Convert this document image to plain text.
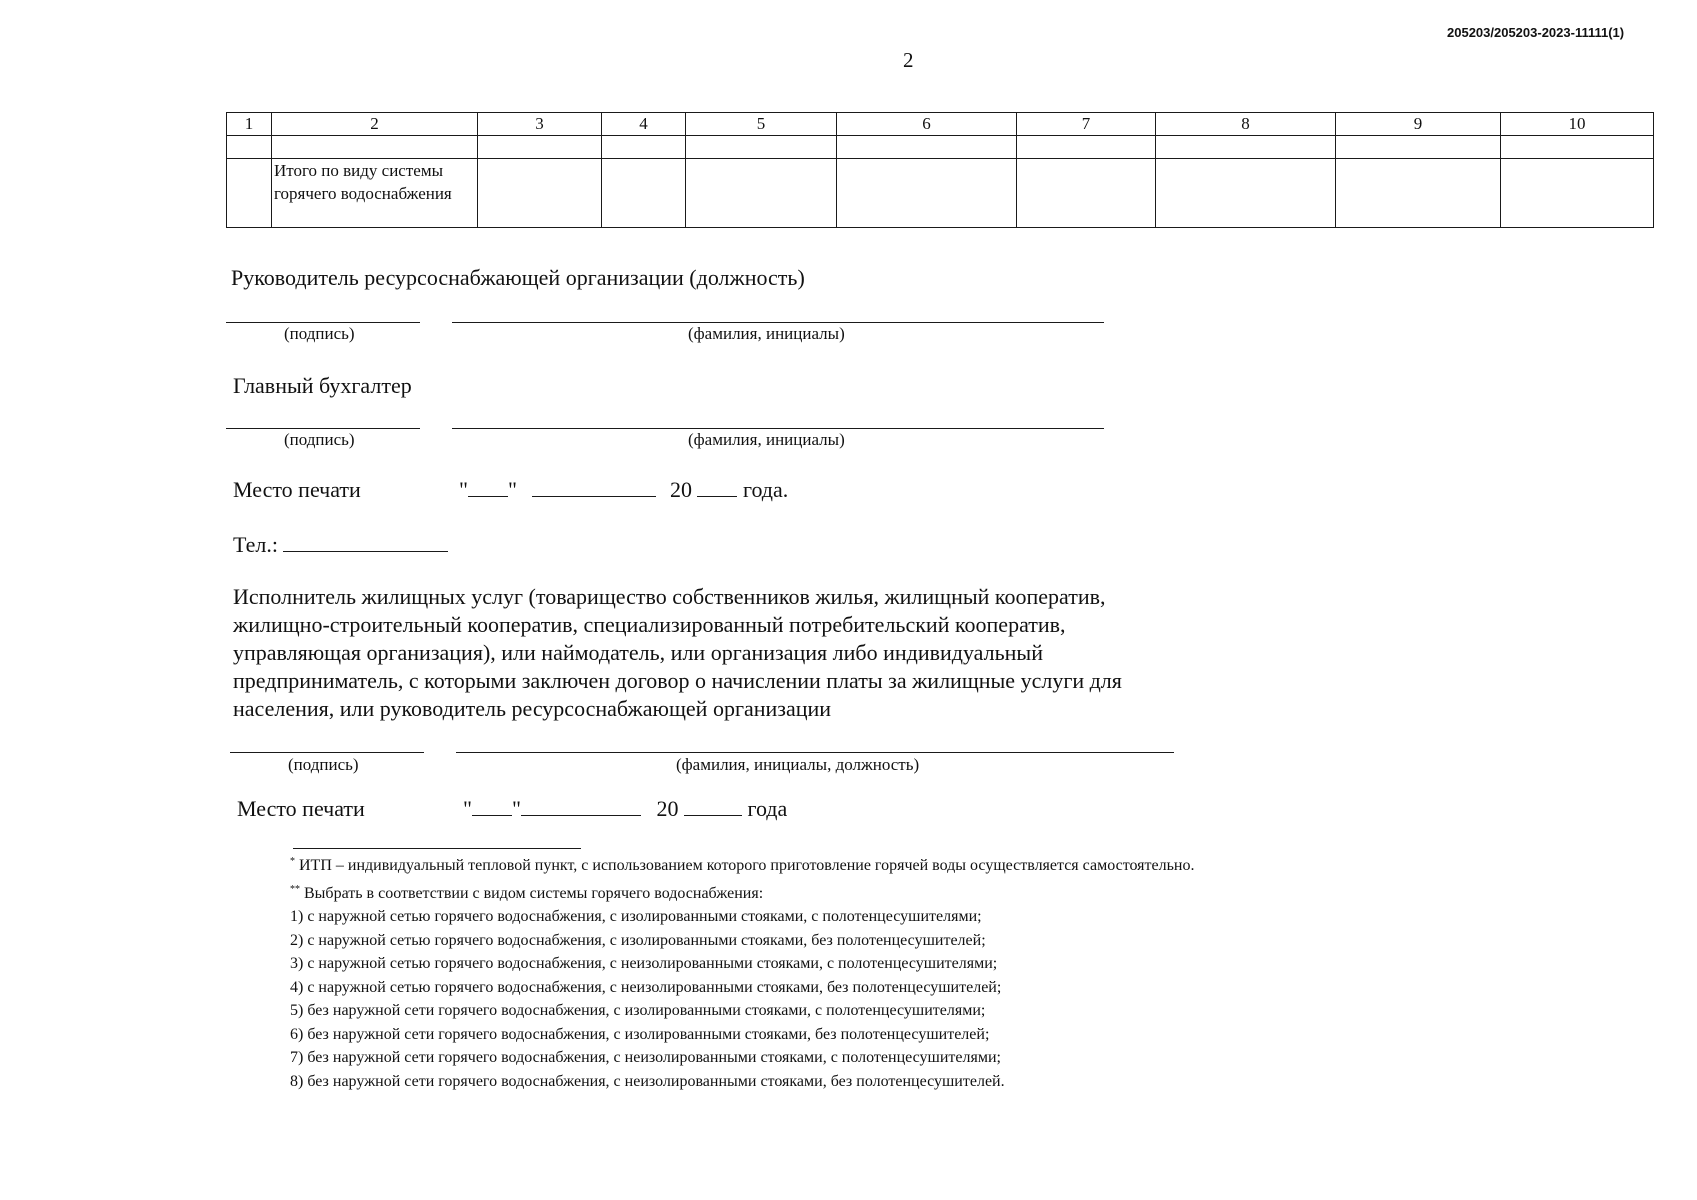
205203/205203-2023-11111(1)
2
1	2	3	4	5	6	7	8	9	10

	Итого по виду системы горячего водоснабжения								
Руководитель ресурсоснабжающей организации (должность)
(подпись)	(фамилия, инициалы)
Главный бухгалтер
(подпись)	(фамилия, инициалы)
Место печати	" "	20 года.
Тел.:
Исполнитель жилищных услуг (товарищество собственников жилья, жилищный кооператив, жилищно-строительный кооператив, специализированный потребительский кооператив, управляющая организация), или наймодатель, или организация либо индивидуальный предприниматель, с которыми заключен договор о начислении платы за жилищные услуги для населения, или руководитель ресурсоснабжающей организации
(подпись)	(фамилия, инициалы, должность)
Место печати	" "	20	года
* ИТП – индивидуальный тепловой пункт, с использованием которого приготовление горячей воды осуществляется самостоятельно.
** Выбрать в соответствии с видом системы горячего водоснабжения:
1) с наружной сетью горячего водоснабжения, с изолированными стояками, с полотенцесушителями;
2) с наружной сетью горячего водоснабжения, с изолированными стояками, без полотенцесушителей;
3) с наружной сетью горячего водоснабжения, с неизолированными стояками, с полотенцесушителями;
4) с наружной сетью горячего водоснабжения, с неизолированными стояками, без полотенцесушителей;
5) без наружной сети горячего водоснабжения, с изолированными стояками, с полотенцесушителями;
6) без наружной сети горячего водоснабжения, с изолированными стояками, без полотенцесушителей;
7) без наружной сети горячего водоснабжения, с неизолированными стояками, с полотенцесушителями;
8) без наружной сети горячего водоснабжения, с неизолированными стояками, без полотенцесушителей.
